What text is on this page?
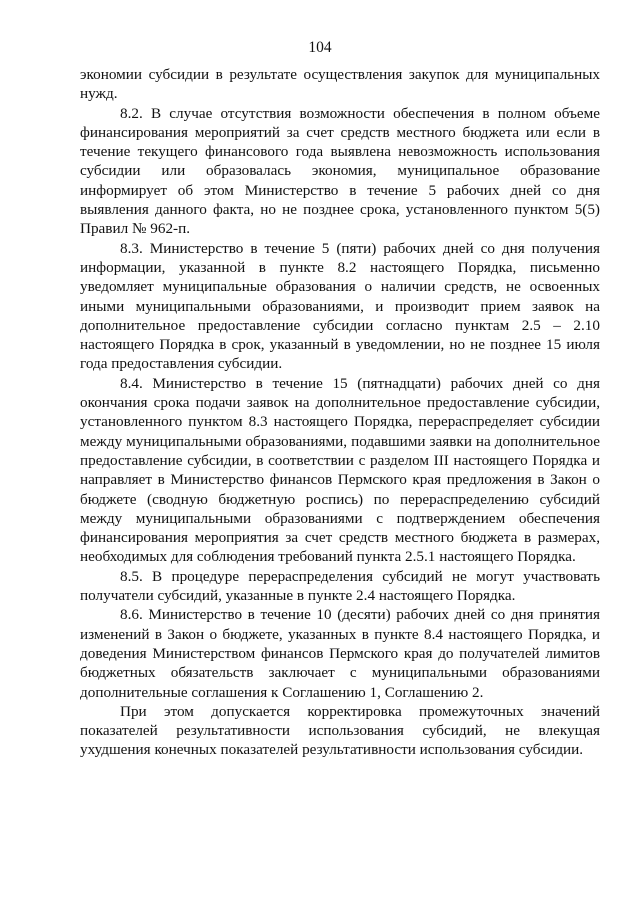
104

экономии субсидии в результате осуществления закупок для муниципальных нужд.

8.2. В случае отсутствия возможности обеспечения в полном объеме финансирования мероприятий за счет средств местного бюджета или если в течение текущего финансового года выявлена невозможность использования субсидии или образовалась экономия, муниципальное образование информирует об этом Министерство в течение 5 рабочих дней со дня выявления данного факта, но не позднее срока, установленного пунктом 5(5) Правил № 962-п.

8.3. Министерство в течение 5 (пяти) рабочих дней со дня получения информации, указанной в пункте 8.2 настоящего Порядка, письменно уведомляет муниципальные образования о наличии средств, не освоенных иными муниципальными образованиями, и производит прием заявок на дополнительное предоставление субсидии согласно пунктам 2.5 – 2.10 настоящего Порядка в срок, указанный в уведомлении, но не позднее 15 июля года предоставления субсидии.

8.4. Министерство в течение 15 (пятнадцати) рабочих дней со дня окончания срока подачи заявок на дополнительное предоставление субсидии, установленного пунктом 8.3 настоящего Порядка, перераспределяет субсидии между муниципальными образованиями, подавшими заявки на дополнительное предоставление субсидии, в соответствии с разделом III настоящего Порядка и направляет в Министерство финансов Пермского края предложения в Закон о бюджете (сводную бюджетную роспись) по перераспределению субсидий между муниципальными образованиями с подтверждением обеспечения финансирования мероприятия за счет средств местного бюджета в размерах, необходимых для соблюдения требований пункта 2.5.1 настоящего Порядка.

8.5. В процедуре перераспределения субсидий не могут участвовать получатели субсидий, указанные в пункте 2.4 настоящего Порядка.

8.6. Министерство в течение 10 (десяти) рабочих дней со дня принятия изменений в Закон о бюджете, указанных в пункте 8.4 настоящего Порядка, и доведения Министерством финансов Пермского края до получателей лимитов бюджетных обязательств заключает с муниципальными образованиями дополнительные соглашения к Соглашению 1, Соглашению 2.

При этом допускается корректировка промежуточных значений показателей результативности использования субсидий, не влекущая ухудшения конечных показателей результативности использования субсидии.
